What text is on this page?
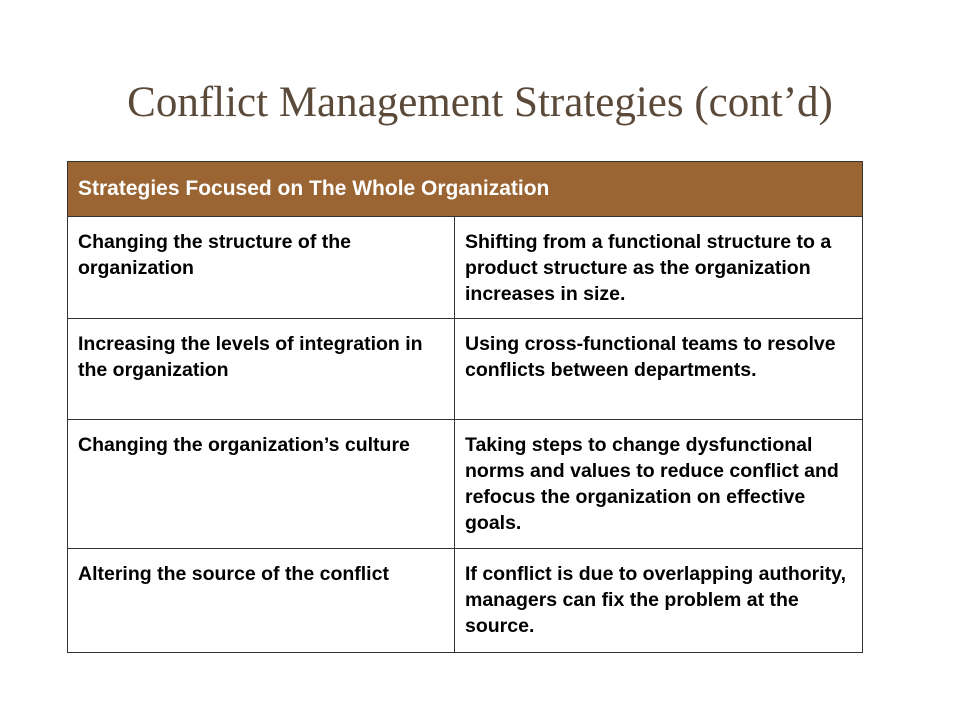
Conflict Management Strategies (cont’d)
Strategies Focused on The Whole Organization	
Changing the structure of the organization	Shifting from a functional structure to a product structure as the organization increases in size.
Increasing the levels of integration in the organization	Using cross-functional teams to resolve conflicts between departments.
Changing the organization’s culture	Taking steps to change dysfunctional norms and values to reduce conflict and refocus the organization on effective goals.
Altering the source of the conflict	If conflict is due to overlapping authority, managers can fix the problem at the source.
